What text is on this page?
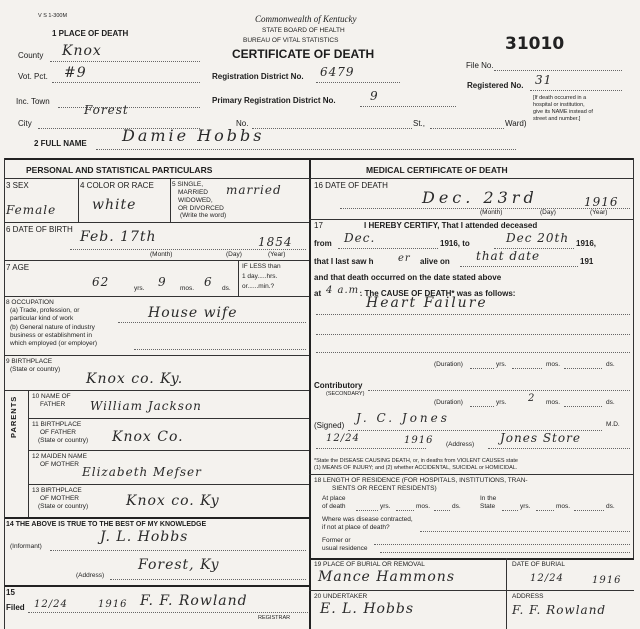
V S 1-300M
1 PLACE OF DEATH
Commonwealth of Kentucky
STATE BOARD OF HEALTH
BUREAU OF VITAL STATISTICS
CERTIFICATE OF DEATH	31010
File No.
County Knox
Vot. Pct. #9
Inc. Town
City
Forest
Registration District No. 6479
Primary Registration District No.	9
No.	St.,	Ward)
Registered No. 31
[If death occurred in a
hospital or institution,
give its NAME instead of
street and number.]
2 FULL NAME Damie Hobbs
PERSONAL AND STATISTICAL PARTICULARS
3 SEX
Female
4 COLOR OR RACE
white
5 SINGLE,
MARRIED
WIDOWED,
OR DIVORCED
(Write the word)
married
6 DATE OF BIRTH Feb. 17th	1854
(Month)	(Day)	(Year)
7 AGE
62	yrs. 9 mos. 6 ds.
IF LESS than
1 day.....hrs.
or......min.?
8 OCCUPATION
(a) Trade, profession, or
particular kind of work
(b) General nature of industry
business or establishment in
which employed (or employer)
House wife
9 BIRTHPLACE
(State or country)
Knox co. Ky.
PARENTS 10 NAME OF
FATHER William Jackson
11 BIRTHPLACE
OF FATHER
(State or country) Knox Co.
12 MAIDEN NAME
OF MOTHER
Elizabeth Mefser
13 BIRTHPLACE
OF MOTHER
(State or country)	Knox co. Ky
14 THE ABOVE IS TRUE TO THE BEST OF MY KNOWLEDGE
(Informant)
J. L. Hobbs
(Address)
Forest, Ky
15
Filed 12/24	1916 F. F. Rowland
REGISTRAR
MEDICAL CERTIFICATE OF DEATH
16 DATE OF DEATH
Dec. 23rd	1916
(Month)	(Day)	(Year)
17	I HEREBY CERTIFY, That I attended deceased
from Dec.	1916, to	Dec 20th 1916,
that I last saw h er alive on that date	191
and that death occurred on the date stated above
at 4 a.m.
. The CAUSE OF DEATH* was as follows:
Heart Failure
(Duration)	yrs.	mos.	ds.
Contributory
(SECONDARY)
(Duration)	yrs. 2 mos.	ds.
(Signed)
J. C. Jones	M.D.
12/24	1916 (Address) Jones Store
*State the DISEASE CAUSING DEATH, or, in deaths from VIOLENT CAUSES state
(1) MEANS OF INJURY; and (2) whether ACCIDENTAL, SUICIDAL or HOMICIDAL.
18 LENGTH OF RESIDENCE (FOR HOSPITALS, INSTITUTIONS, TRAN-
SIENTS OR RECENT RESIDENTS)
At place
of death	yrs.	mos.	ds.
In the
State	yrs.	mos.	ds.
Where was disease contracted,
if not at place of death?
Former or
usual residence
19 PLACE OF BURIAL OR REMOVAL
Mance Hammons
DATE OF BURIAL
12/24	1916
20 UNDERTAKER
E. L. Hobbs
ADDRESS
F. F. Rowland
